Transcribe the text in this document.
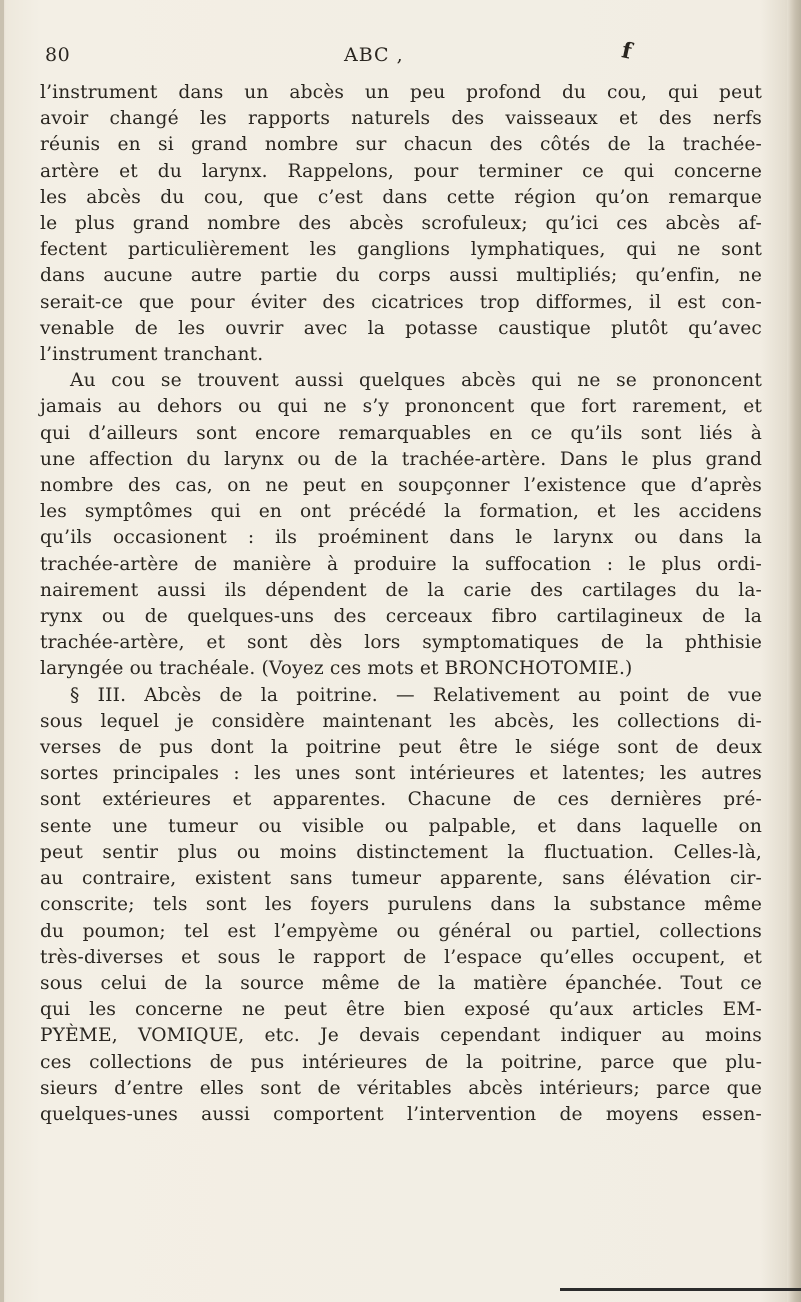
80	ABC ,	f
l’instrument dans un abcès un peu profond du cou, qui peut
avoir changé les rapports naturels des vaisseaux et des nerfs
réunis en si grand nombre sur chacun des côtés de la trachée-
artère et du larynx. Rappelons, pour terminer ce qui concerne
les abcès du cou, que c’est dans cette région qu’on remarque
le plus grand nombre des abcès scrofuleux; qu’ici ces abcès af-
fectent particulièrement les ganglions lymphatiques, qui ne sont
dans aucune autre partie du corps aussi multipliés; qu’enfin, ne
serait-ce que pour éviter des cicatrices trop difformes, il est con-
venable de les ouvrir avec la potasse caustique plutôt qu’avec
l’instrument tranchant.
Au cou se trouvent aussi quelques abcès qui ne se prononcent
jamais au dehors ou qui ne s’y prononcent que fort rarement, et
qui d’ailleurs sont encore remarquables en ce qu’ils sont liés à
une affection du larynx ou de la trachée-artère. Dans le plus grand
nombre des cas, on ne peut en soupçonner l’existence que d’après
les symptômes qui en ont précédé la formation, et les accidens
qu’ils occasionent : ils proéminent dans le larynx ou dans la
trachée-artère de manière à produire la suffocation : le plus ordi-
nairement aussi ils dépendent de la carie des cartilages du la-
rynx ou de quelques-uns des cerceaux fibro cartilagineux de la
trachée-artère, et sont dès lors symptomatiques de la phthisie
laryngée ou trachéale. (Voyez ces mots et BRONCHOTOMIE.)
§ III. Abcès de la poitrine. — Relativement au point de vue
sous lequel je considère maintenant les abcès, les collections di-
verses de pus dont la poitrine peut être le siége sont de deux
sortes principales : les unes sont intérieures et latentes; les autres
sont extérieures et apparentes. Chacune de ces dernières pré-
sente une tumeur ou visible ou palpable, et dans laquelle on
peut sentir plus ou moins distinctement la fluctuation. Celles-là,
au contraire, existent sans tumeur apparente, sans élévation cir-
conscrite; tels sont les foyers purulens dans la substance même
du poumon; tel est l’empyème ou général ou partiel, collections
très-diverses et sous le rapport de l’espace qu’elles occupent, et
sous celui de la source même de la matière épanchée. Tout ce
qui les concerne ne peut être bien exposé qu’aux articles EM-
PYÈME, VOMIQUE, etc. Je devais cependant indiquer au moins
ces collections de pus intérieures de la poitrine, parce que plu-
sieurs d’entre elles sont de véritables abcès intérieurs; parce que
quelques-unes aussi comportent l’intervention de moyens essen-
